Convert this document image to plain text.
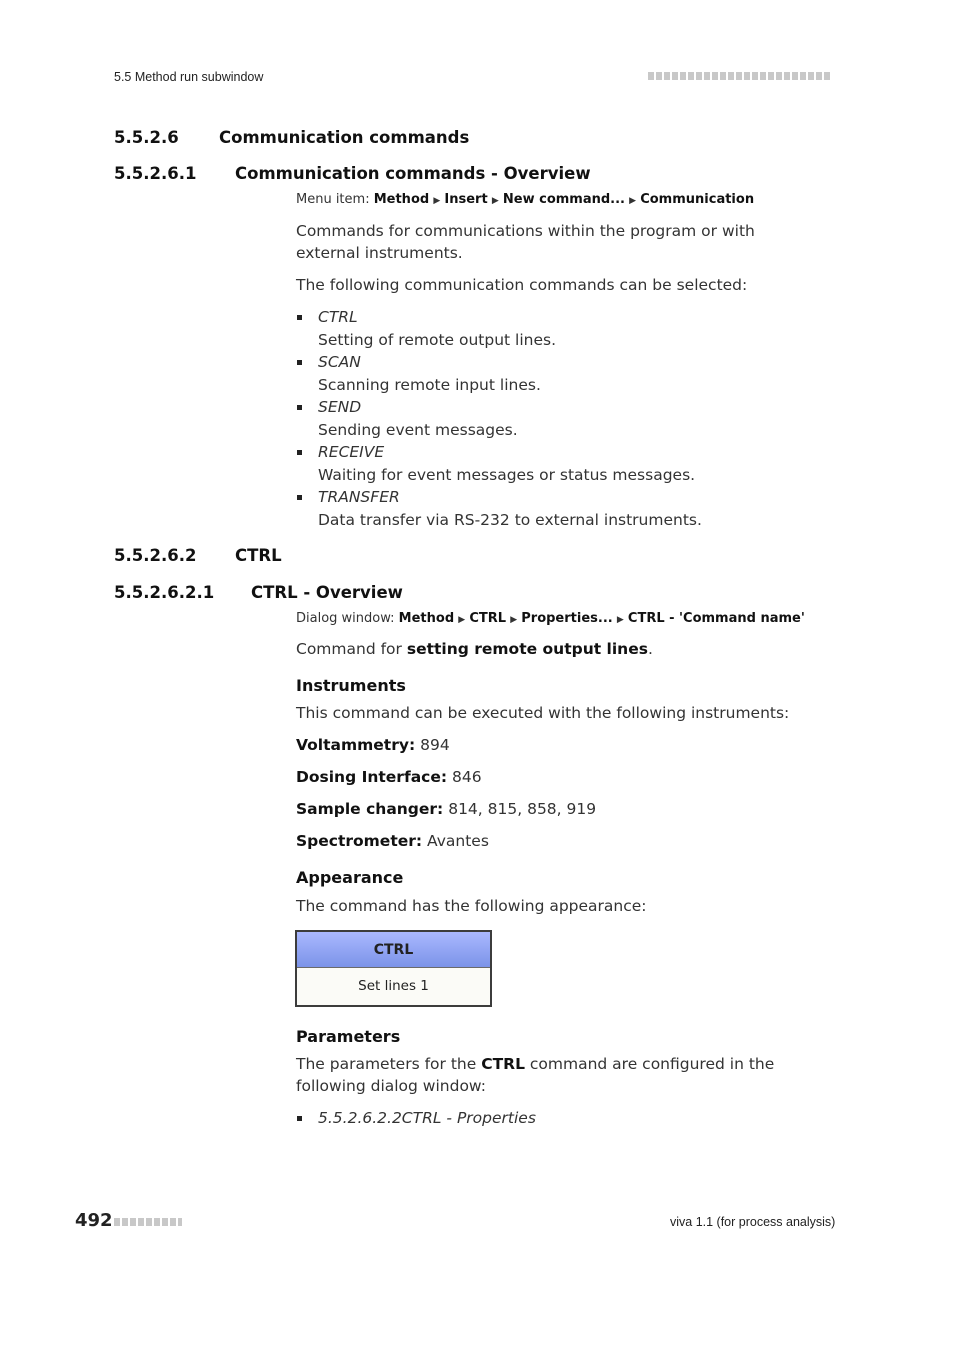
5.5 Method run subwindow
5.5.2.6 Communication commands
5.5.2.6.1 Communication commands - Overview
Menu item: Method ▶ Insert ▶ New command... ▶ Communication
Commands for communications within the program or with external instruments.
The following communication commands can be selected:
CTRL
Setting of remote output lines.
SCAN
Scanning remote input lines.
SEND
Sending event messages.
RECEIVE
Waiting for event messages or status messages.
TRANSFER
Data transfer via RS-232 to external instruments.
5.5.2.6.2 CTRL
5.5.2.6.2.1 CTRL - Overview
Dialog window: Method ▶ CTRL ▶ Properties... ▶ CTRL - 'Command name'
Command for setting remote output lines.
Instruments
This command can be executed with the following instruments:
Voltammetry: 894
Dosing Interface: 846
Sample changer: 814, 815, 858, 919
Spectrometer: Avantes
Appearance
The command has the following appearance:
CTRL
Set lines 1
Parameters
The parameters for the CTRL command are configured in the following dialog window:
5.5.2.6.2.2CTRL - Properties
492	viva 1.1 (for process analysis)
